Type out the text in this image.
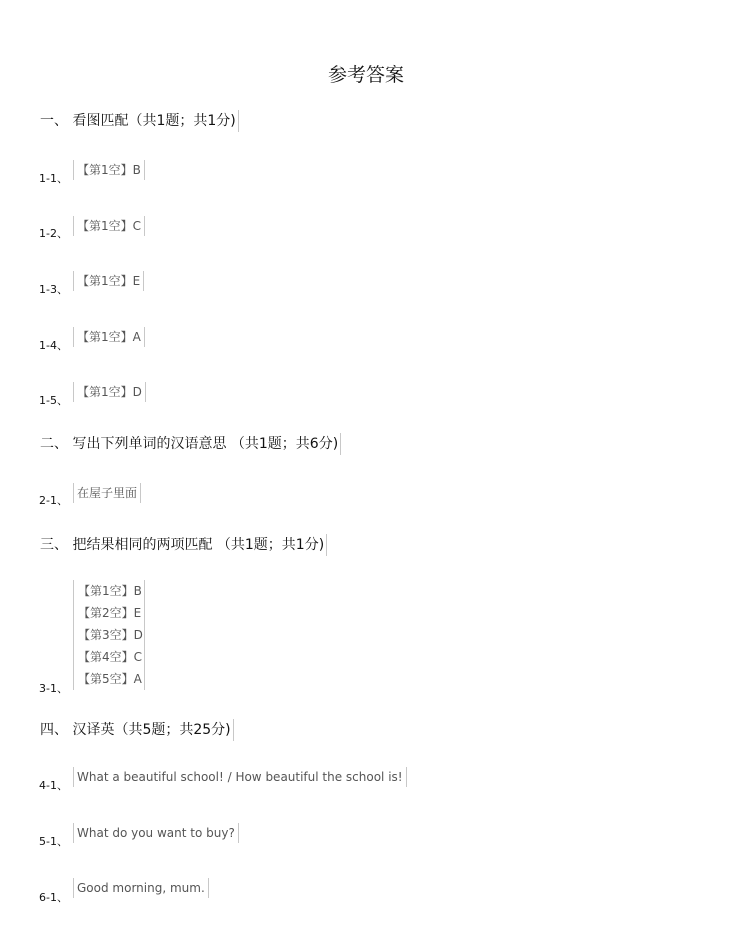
参考答案
一、 看图匹配（共1题；共1分)
1-1、
【第1空】B
1-2、
【第1空】C
1-3、
【第1空】E
1-4、
【第1空】A
1-5、
【第1空】D
二、 写出下列单词的汉语意思 （共1题；共6分)
2-1、
在屋子里面
三、 把结果相同的两项匹配 （共1题；共1分)
3-1、
【第1空】B
【第2空】E
【第3空】D
【第4空】C
【第5空】A
四、 汉译英（共5题；共25分)
4-1、
What a beautiful school! / How beautiful the school is!
5-1、
What do you want to buy?
6-1、
Good morning, mum.
